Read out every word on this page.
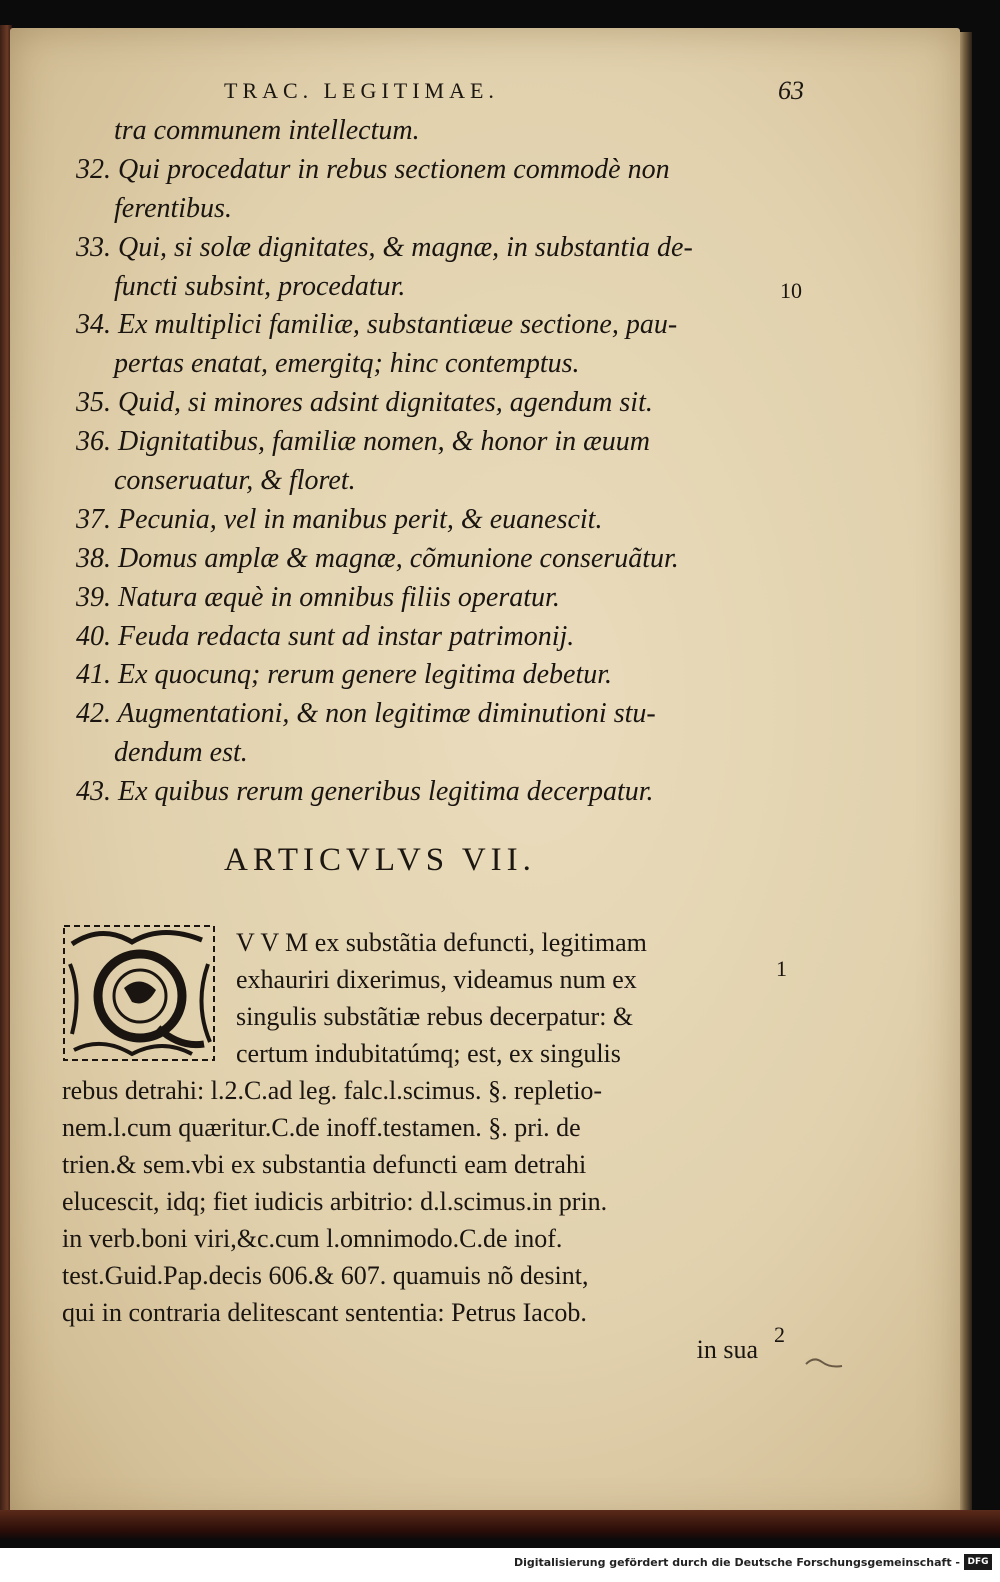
TRAC. LEGITIMAE.	63
tra communem intellectum.
32. Qui procedatur in rebus sectionem commodè non
ferentibus.
33. Qui, si solæ dignitates, & magnæ, in substantia de-
functi subsint, procedatur.
34. Ex multiplici familiæ, substantiæue sectione, pau-
pertas enatat, emergitq; hinc contemptus.
35. Quid, si minores adsint dignitates, agendum sit.
36. Dignitatibus, familiæ nomen, & honor in æuum
conseruatur, & floret.
37. Pecunia, vel in manibus perit, & euanescit.
38. Domus amplæ & magnæ, cõmunione conseruãtur.
39. Natura æquè in omnibus filiis operatur.
40. Feuda redacta sunt ad instar patrimonij.
41. Ex quocunq; rerum genere legitima debetur.
42. Augmentationi, & non legitimæ diminutioni stu-
dendum est.
43. Ex quibus rerum generibus legitima decerpatur.
10
1
2
ARTICVLVS VII.
V V M ex substãtia defuncti, legitimam
exhauriri dixerimus, videamus num ex
singulis substãtiæ rebus decerpatur: &
certum indubitatúmq; est, ex singulis
rebus detrahi: l.2.C.ad leg. falc.l.scimus. §. repletio-
nem.l.cum quæritur.C.de inoff.testamen. §. pri. de
trien.& sem.vbi ex substantia defuncti eam detrahi
elucescit, idq; fiet iudicis arbitrio: d.l.scimus.in prin.
in verb.boni viri,&c.cum l.omnimodo.C.de inof.
test.Guid.Pap.decis 606.& 607. quamuis nõ desint,
qui in contraria delitescant sententia: Petrus Iacob.
in sua
Digitalisierung gefördert durch die Deutsche Forschungsgemeinschaft - DFG
